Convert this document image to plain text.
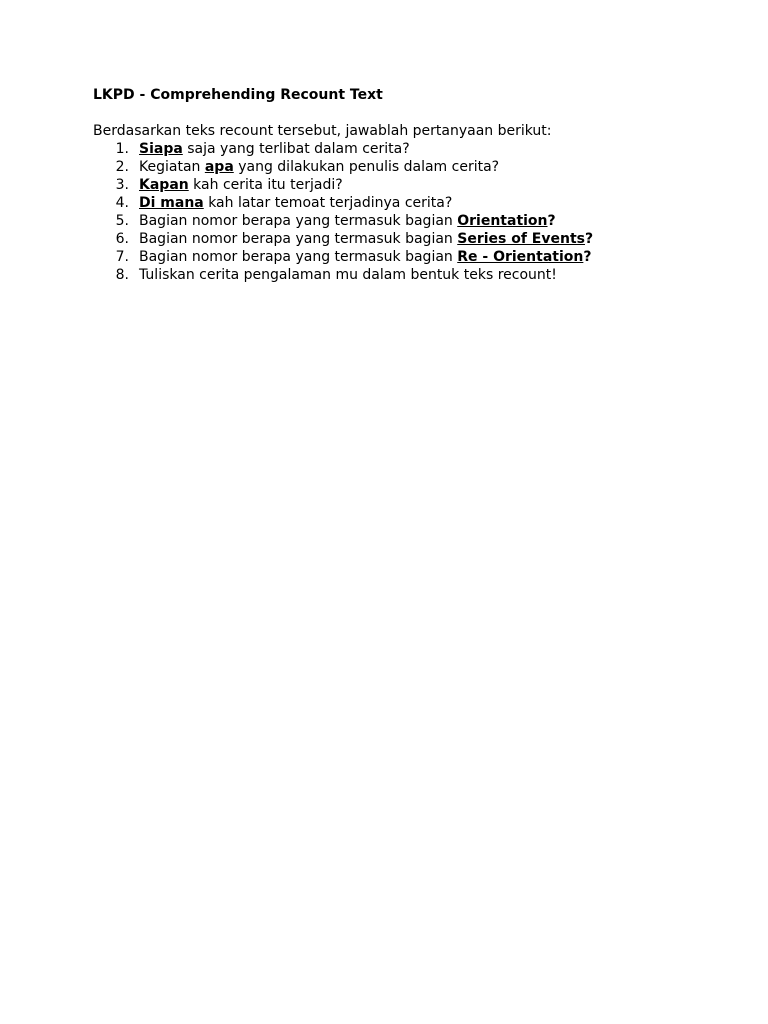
LKPD - Comprehending Recount Text

Berdasarkan teks recount tersebut, jawablah pertanyaan berikut:

1. Siapa saja yang terlibat dalam cerita?
2. Kegiatan apa yang dilakukan penulis dalam cerita?
3. Kapan kah cerita itu terjadi?
4. Di mana kah latar temoat terjadinya cerita?
5. Bagian nomor berapa yang termasuk bagian Orientation?
6. Bagian nomor berapa yang termasuk bagian Series of Events?
7. Bagian nomor berapa yang termasuk bagian Re - Orientation?
8. Tuliskan cerita pengalaman mu dalam bentuk teks recount!
